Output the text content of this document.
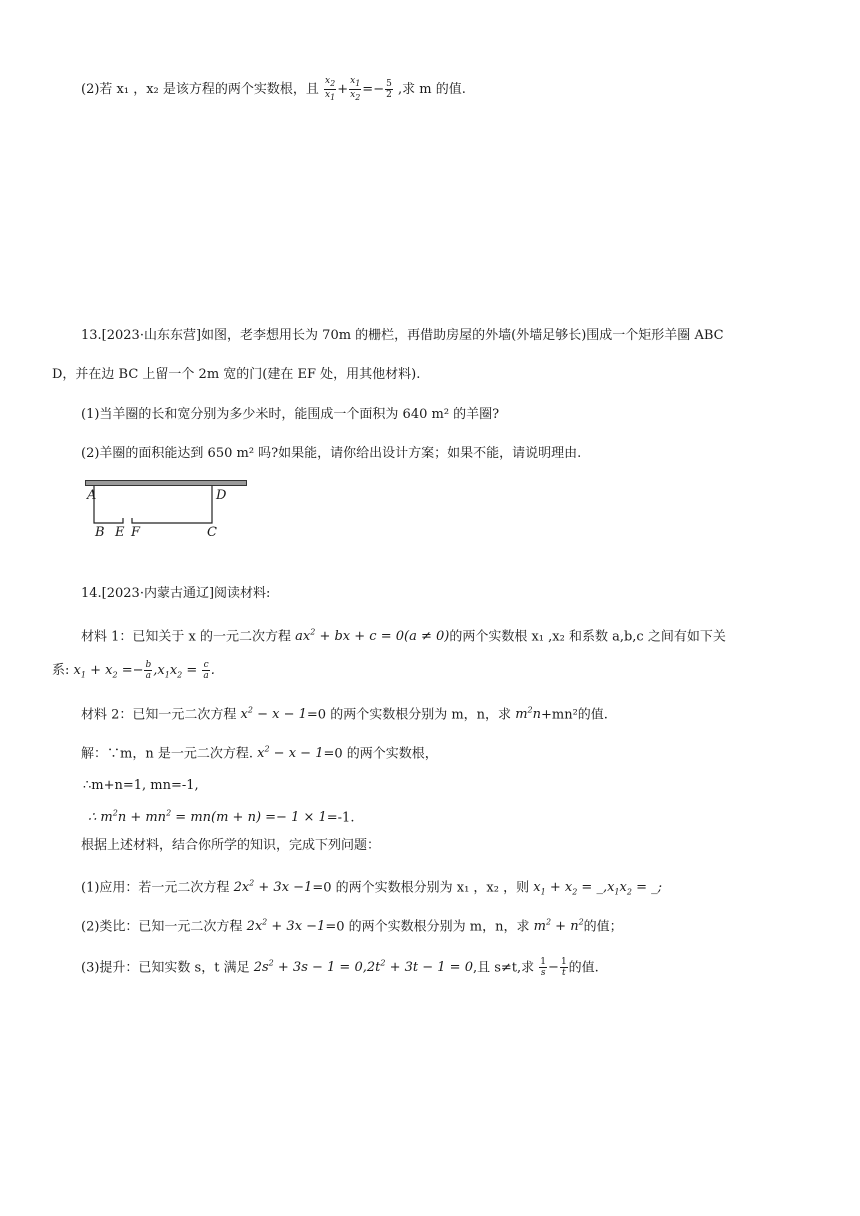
(2)若 x₁ ，x₂ 是该方程的两个实数根，且 $\frac{x_2}{x_1} + \frac{x_1}{x_2} =- \frac{5}{2}$ ,求 m 的值.
13.[2023·山东东营]如图，老李想用长为 70m 的栅栏，再借助房屋的外墙(外墙足够长)围成一个矩形羊圈 ABC
D，并在边 BC 上留一个 2m 宽的门(建在 EF 处，用其他材料).
(1)当羊圈的长和宽分别为多少米时，能围成一个面积为 640 m² 的羊圈?
(2)羊圈的面积能达到 650 m² 吗?如果能，请你给出设计方案；如果不能，请说明理由.
A	D
B E F	C
14.[2023·内蒙古通辽]阅读材料:
材料 1：已知关于 x 的一元二次方程 $ax^2$ + bx + c = 0(a ≠ 0)的两个实数根 x₁ ,x₂ 和系数 a,b,c 之间有如下关
系: $x_1 + x_2 =- \frac{b}{a} ,x_1x_2 = \frac{c}{a}$ .
材料 2：已知一元二次方程 $x^2 - x - 1=0$ 的两个实数根分别为 m，n，求 $m^2n+mn^2$的值.
解：∵m，n 是一元二次方程. $x^2 - x - 1=0$ 的两个实数根，
∴m+n=1, mn=-1,
∴ $m^2n + mn^2 = mn(m + n) =- 1 \times 1=-1$.
根据上述材料，结合你所学的知识，完成下列问题：
(1)应用：若一元二次方程 $2x^2 + 3x -1=0$ 的两个实数根分别为 x₁ ，x₂ ，则 $x_1 + x_2$ = $\_,x_1x_2$ = _;
(2)类比：已知一元二次方程 $2x^2 + 3x -1=0$ 的两个实数根分别为 m，n，求 $m^2 + n^2$的值；
(3)提升：已知实数 s，t 满足 $2s^2 + 3s - 1 = 0,2t^2 + 3t - 1 = 0$,且 s≠t,求 $\frac{1}{s} - \frac{1}{t}$ 的值.
